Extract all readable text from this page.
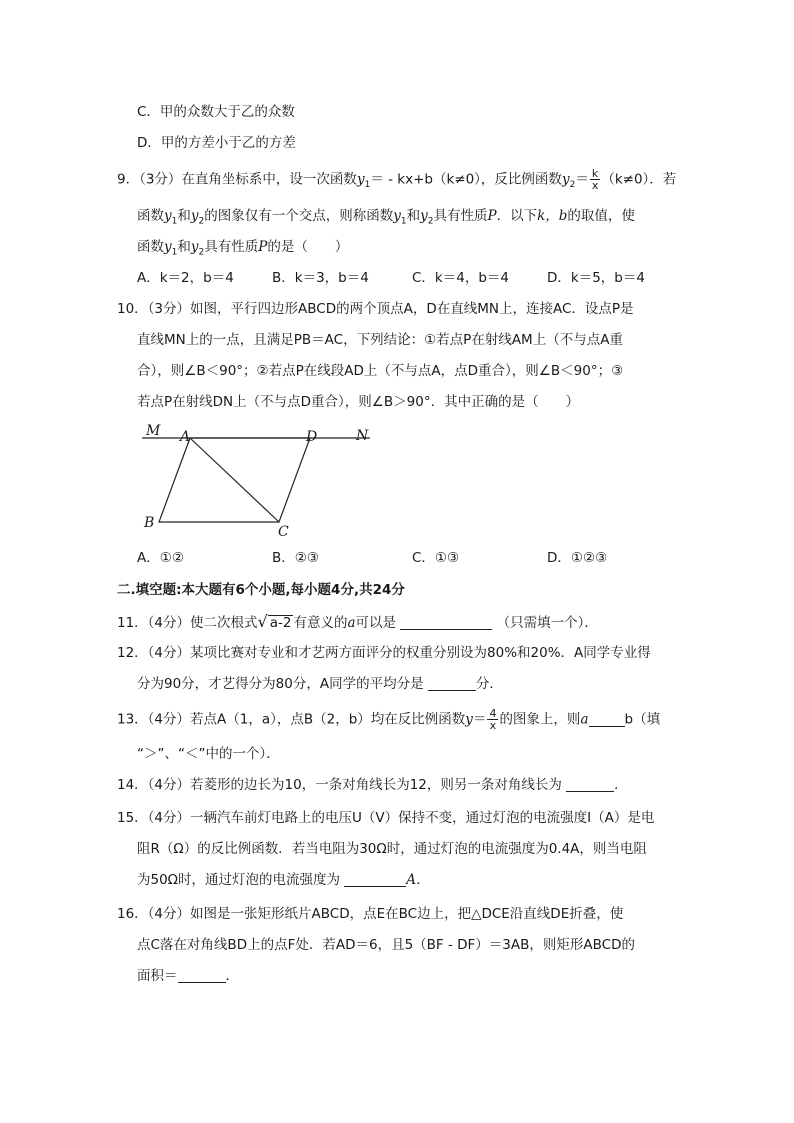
C．甲的众数大于乙的众数
D．甲的方差小于乙的方差
9．（3分）在直角坐标系中，设一次函数$y_1= - kx+b(k\ne 0)$，反比例函数$y_2= \frac{k}{x} (k\ne 0)$．若
函数$y_1$和$y_2$的图象仅有一个交点，则称函数$y_1$和$y_2$具有性质P．以下k，b的取值，使
函数$y_1$和$y_2$具有性质P的是（　　）
A．k＝2，b＝4	B．k＝3，b＝4	C．k＝4，b＝4	D．k＝5，b＝4
10．（3分）如图，平行四边形ABCD的两个顶点A，D在直线MN上，连接AC．设点P是
直线MN上的一点，且满足PB＝AC，下列结论：①若点P在射线AM上（不与点A重
合），则∠B＜90°；②若点P在线段AD上（不与点A，点D重合），则∠B＜90°；③
若点P在射线DN上（不与点D重合），则∠B＞90°．其中正确的是（　　）
M A	D	N
B
C
A．①②	B．②③	C．①③	D．①②③
二.填空题:本大题有6个小题,每小题4分,共24分
11．（4分）使二次根式√ a-2 有意义的a可以是	（只需填一个）．
12．（4分）某项比赛对专业和才艺两方面评分的权重分别设为80%和20%．A同学专业得
分为90分，才艺得分为80分，A同学的平均分是	分．
13．（4分）若点A（1，a），点B（2，b）均在反比例函数$y= \frac{4}{x}$ 的图象上，则a	b（填
“＞”、“＜”中的一个）．
14．（4分）若菱形的边长为10，一条对角线长为12，则另一条对角线长为	．
15．（4分）一辆汽车前灯电路上的电压U（V）保持不变，通过灯泡的电流强度I（A）是电
阻R（Ω）的反比例函数．若当电阻为30Ω时，通过灯泡的电流强度为0.4A，则当电阻
为50Ω时，通过灯泡的电流强度为	A．
16．（4分）如图是一张矩形纸片ABCD，点E在BC边上，把△DCE沿直线DE折叠，使
点C落在对角线BD上的点F处．若AD＝6，且5（BF - DF）＝3AB，则矩形ABCD的
面积＝	．
